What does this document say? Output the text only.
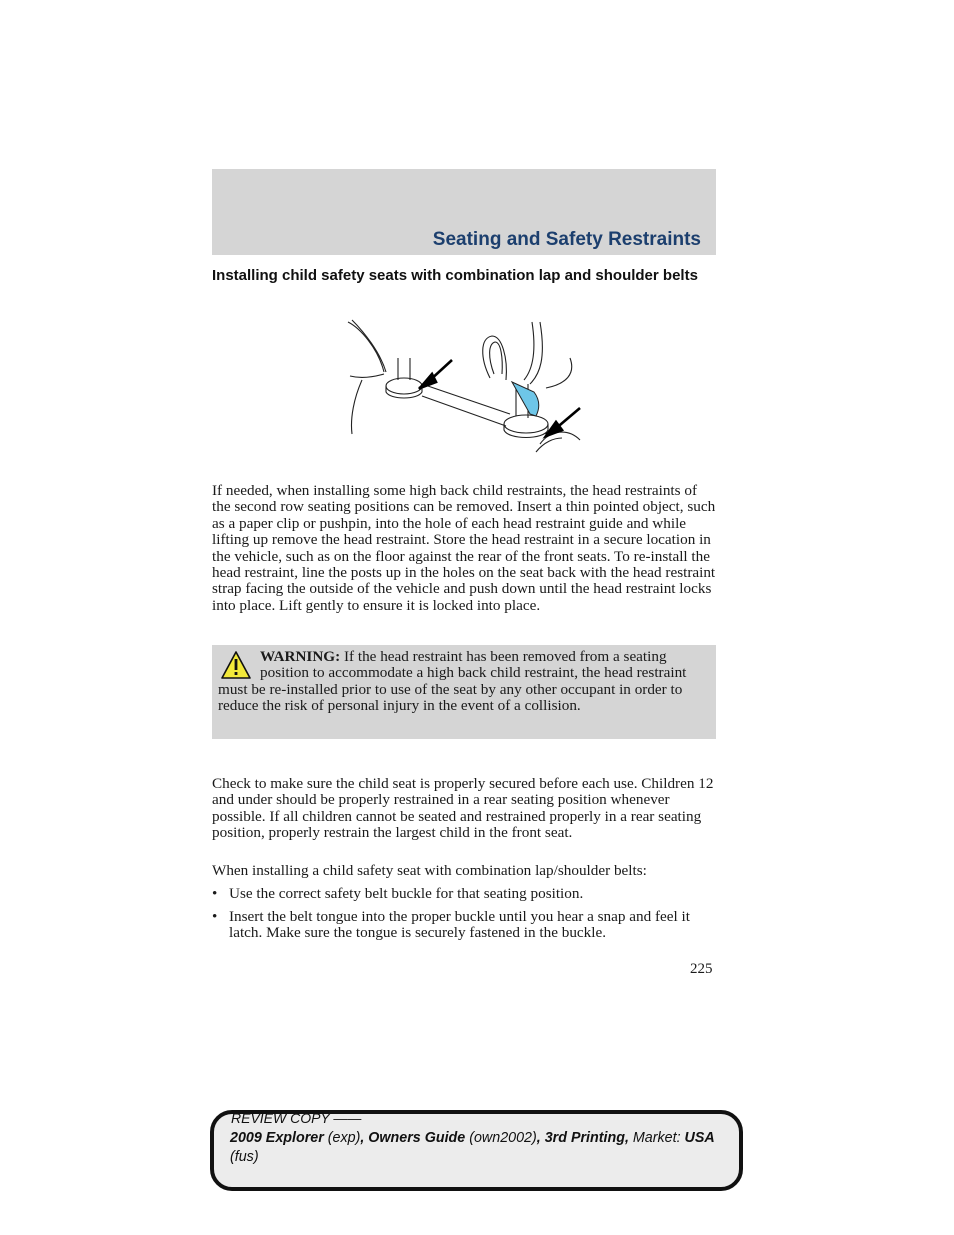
Seating and Safety Restraints
Installing child safety seats with combination lap and shoulder belts

If needed, when installing some high back child restraints, the head restraints of the second row seating positions can be removed. Insert a thin pointed object, such as a paper clip or pushpin, into the hole of each head restraint guide and while lifting up remove the head restraint. Store the head restraint in a secure location in the vehicle, such as on the floor against the rear of the front seats. To re-install the head restraint, line the posts up in the holes on the seat back with the head restraint strap facing the outside of the vehicle and push down until the head restraint locks into place. Lift gently to ensure it is locked into place.

WARNING: If the head restraint has been removed from a seating position to accommodate a high back child restraint, the head restraint must be re-installed prior to use of the seat by any other occupant in order to reduce the risk of personal injury in the event of a collision.

Check to make sure the child seat is properly secured before each use. Children 12 and under should be properly restrained in a rear seating position whenever possible. If all children cannot be seated and restrained properly in a rear seating position, properly restrain the largest child in the front seat.

When installing a child safety seat with combination lap/shoulder belts:

• Use the correct safety belt buckle for that seating position.
• Insert the belt tongue into the proper buckle until you hear a snap and feel it latch. Make sure the tongue is securely fastened in the buckle.
225
REVIEW COPY ——
2009 Explorer (exp), Owners Guide (own2002), 3rd Printing, Market: USA
(fus)
